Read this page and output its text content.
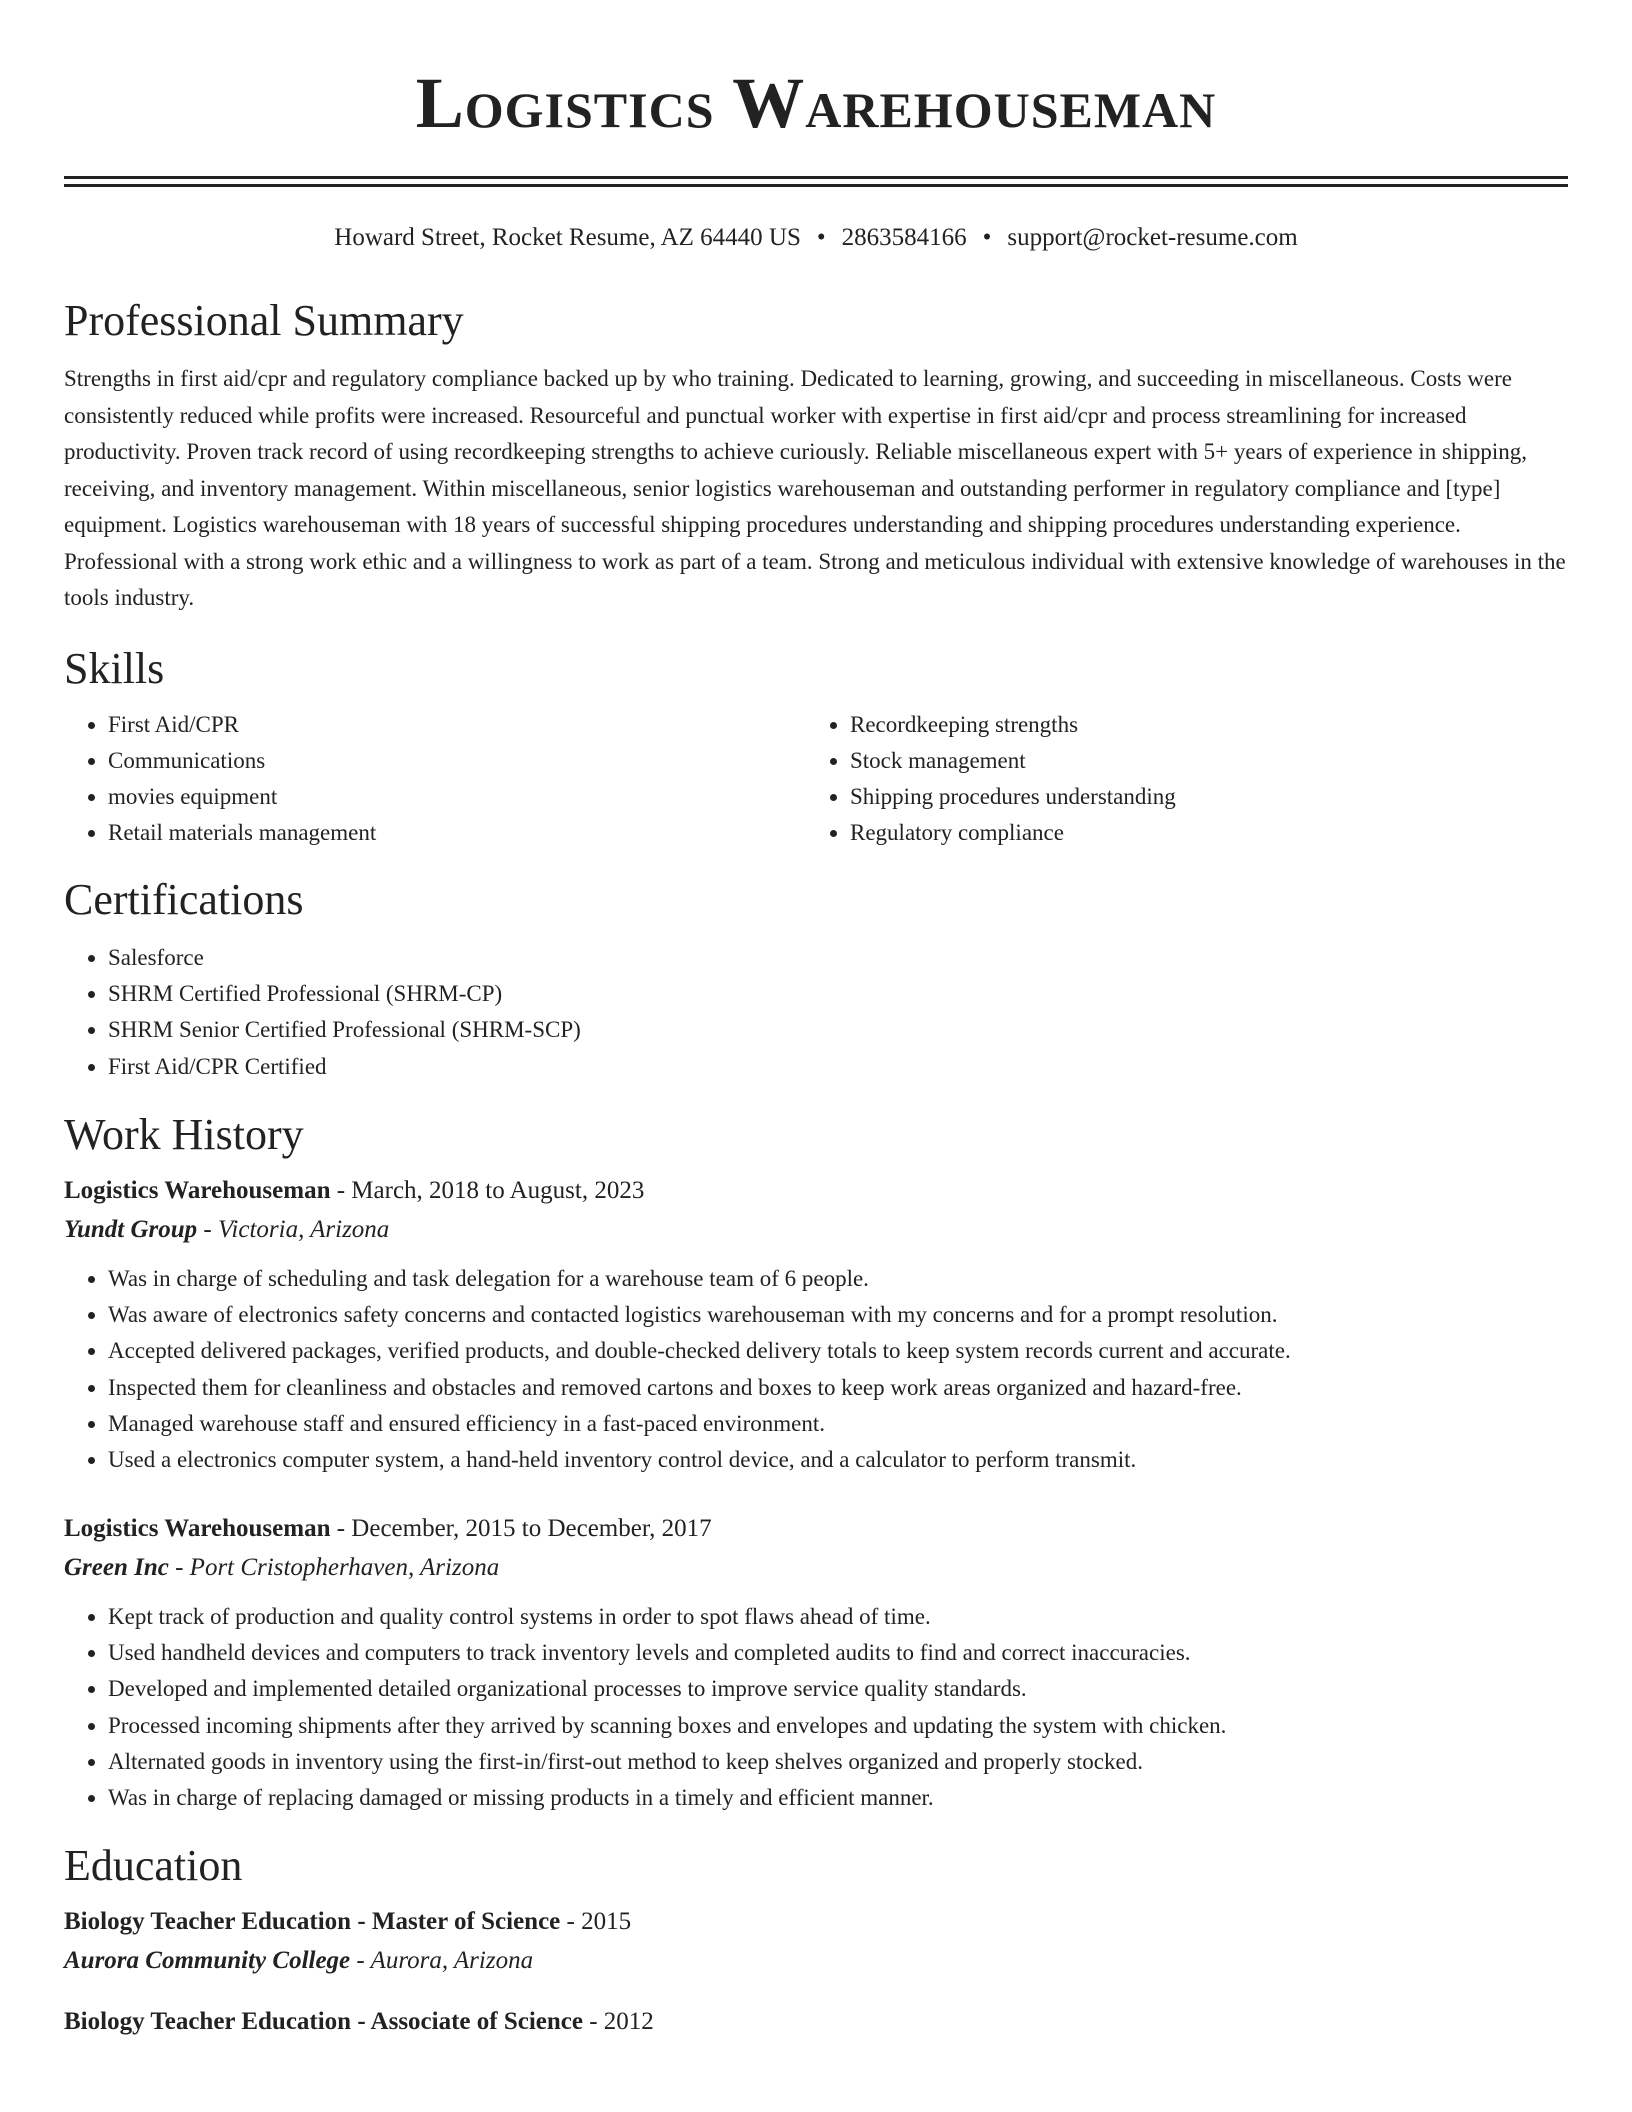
Logistics Warehouseman
Howard Street, Rocket Resume, AZ 64440 US • 2863584166 • support@rocket-resume.com
Professional Summary

Strengths in first aid/cpr and regulatory compliance backed up by who training. Dedicated to learning, growing, and succeeding in miscellaneous. Costs were consistently reduced while profits were increased. Resourceful and punctual worker with expertise in first aid/cpr and process streamlining for increased productivity. Proven track record of using recordkeeping strengths to achieve curiously. Reliable miscellaneous expert with 5+ years of experience in shipping, receiving, and inventory management. Within miscellaneous, senior logistics warehouseman and outstanding performer in regulatory compliance and [type] equipment. Logistics warehouseman with 18 years of successful shipping procedures understanding and shipping procedures understanding experience. Professional with a strong work ethic and a willingness to work as part of a team. Strong and meticulous individual with extensive knowledge of warehouses in the tools industry.

Skills
• First Aid/CPR
• Communications
• movies equipment
• Retail materials management
• Recordkeeping strengths
• Stock management
• Shipping procedures understanding
• Regulatory compliance
Certifications
• Salesforce
• SHRM Certified Professional (SHRM-CP)
• SHRM Senior Certified Professional (SHRM-SCP)
• First Aid/CPR Certified
Work History
Logistics Warehouseman - March, 2018 to August, 2023
Yundt Group - Victoria, Arizona
• Was in charge of scheduling and task delegation for a warehouse team of 6 people.
• Was aware of electronics safety concerns and contacted logistics warehouseman with my concerns and for a prompt resolution.
• Accepted delivered packages, verified products, and double-checked delivery totals to keep system records current and accurate.
• Inspected them for cleanliness and obstacles and removed cartons and boxes to keep work areas organized and hazard-free.
• Managed warehouse staff and ensured efficiency in a fast-paced environment.
• Used a electronics computer system, a hand-held inventory control device, and a calculator to perform transmit.
Logistics Warehouseman - December, 2015 to December, 2017
Green Inc - Port Cristopherhaven, Arizona
• Kept track of production and quality control systems in order to spot flaws ahead of time.
• Used handheld devices and computers to track inventory levels and completed audits to find and correct inaccuracies.
• Developed and implemented detailed organizational processes to improve service quality standards.
• Processed incoming shipments after they arrived by scanning boxes and envelopes and updating the system with chicken.
• Alternated goods in inventory using the first-in/first-out method to keep shelves organized and properly stocked.
• Was in charge of replacing damaged or missing products in a timely and efficient manner.
Education
Biology Teacher Education - Master of Science - 2015
Aurora Community College - Aurora, Arizona
Biology Teacher Education - Associate of Science - 2012
